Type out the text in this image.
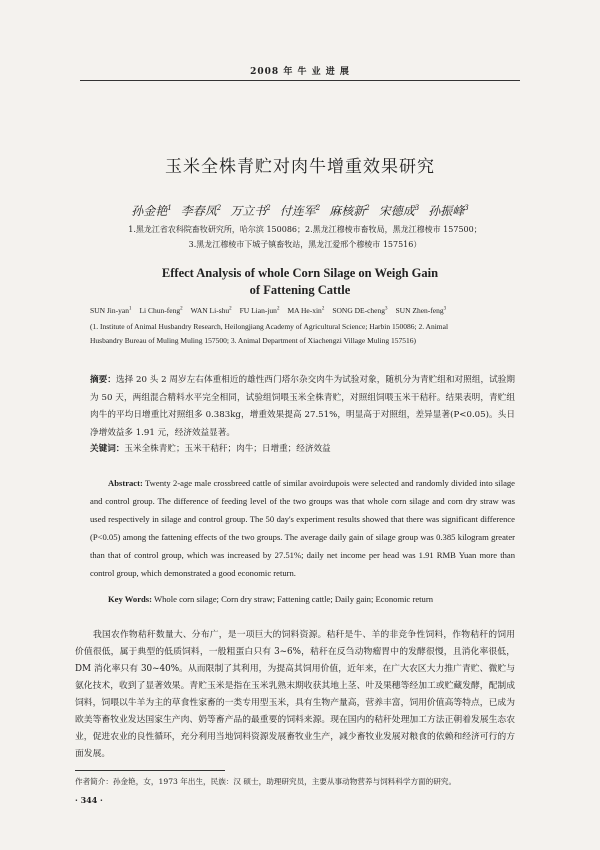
2008 年 牛 业 进 展
玉米全株青贮对肉牛增重效果研究
孙金艳$^1$ 李春凤$^2$ 万立书$^2$ 付连军$^2$ 麻核新$^2$ 宋德成$^3$ 孙振峰$^3$
1.黑龙江省农科院畜牧研究所，哈尔滨 150086；2.黑龙江穆棱市畜牧局，黑龙江穆棱市 157500；
3.黑龙江穆棱市下城子镇畜牧站，黑龙江爱邢个穆棱市 157516）
Effect Analysis of whole Corn Silage on Weigh Gain
of Fattening Cattle
SUN Jin-yan$^1$ Li Chun-feng$^2$ WAN Li-shu$^2$ FU Lian-jun$^2$ MA He-xin$^2$ SONG DE-cheng$^3$ SUN Zhen-feng$^3$
(1. Institute of Animal Husbandry Research, Heilongjiang Academy of Agricultural Science; Harbin 150086; 2. Animal
Husbandry Bureau of Muling Muling 157500; 3. Animal Department of Xiachengzi Village Muling 157516)
摘要：选择 20 头 2 周岁左右体重相近的雄性西门塔尔杂交肉牛为试验对象，随机分为青贮组和对照组，试验期为 50 天，两组混合精料水平完全相同，试验组饲喂玉米全株青贮，对照组饲喂玉米干秸秆。结果表明，青贮组肉牛的平均日增重比对照组多 0.383kg，增重效果提高 27.51%，明显高于对照组，差异显著(P<0.05)。头日净增效益多 1.91 元，经济效益显著。
关键词：玉米全株青贮；玉米干秸秆；肉牛；日增重；经济效益
Abstract: Twenty 2-age male crossbreed cattle of similar avoirdupois were selected and randomly divided into silage and control group. The difference of feeding level of the two groups was that whole corn silage and corn dry straw was used respectively in silage and control group. The 50 day's experiment results showed that there was significant difference (P<0.05) among the fattening effects of the two groups. The average daily gain of silage group was 0.385 kilogram greater than that of control group, which was increased by 27.51%; daily net income per head was 1.91 RMB Yuan more than control group, which demonstrated a good economic return.
Key Words: Whole corn silage; Corn dry straw; Fattening cattle; Daily gain; Economic return
我国农作物秸秆数量大、分布广，是一项巨大的饲料资源。秸秆是牛、羊的非竞争性饲料，作物秸秆的饲用价值很低，属于典型的低质饲料，一般粗蛋白只有 3~6%，秸秆在反刍动物瘤胃中的发酵很慢，且消化率很低，DM 消化率只有 30~40%。从而限制了其利用，为提高其饲用价值，近年来，在广大农区大力推广青贮、微贮与氨化技术，收到了显著效果。青贮玉米是指在玉米乳熟末期收获其地上茎、叶及果穗等经加工或贮藏发酵，配制成饲料，饲喂以牛羊为主的草食性家畜的一类专用型玉米，具有生物产量高，营养丰富，饲用价值高等特点，已成为欧美等畜牧业发达国家生产肉、奶等畜产品的最重要的饲料来源。现在国内的秸秆处理加工方法正朝着发展生态农业，促进农业的良性循环，充分利用当地饲料资源发展畜牧业生产，减少畜牧业发展对粮食的依赖和经济可行的方面发展。
作者简介：孙金艳，女，1973 年出生，民族：汉 硕士，助理研究员，主要从事动物营养与饲料科学方面的研究。
· 344 ·
